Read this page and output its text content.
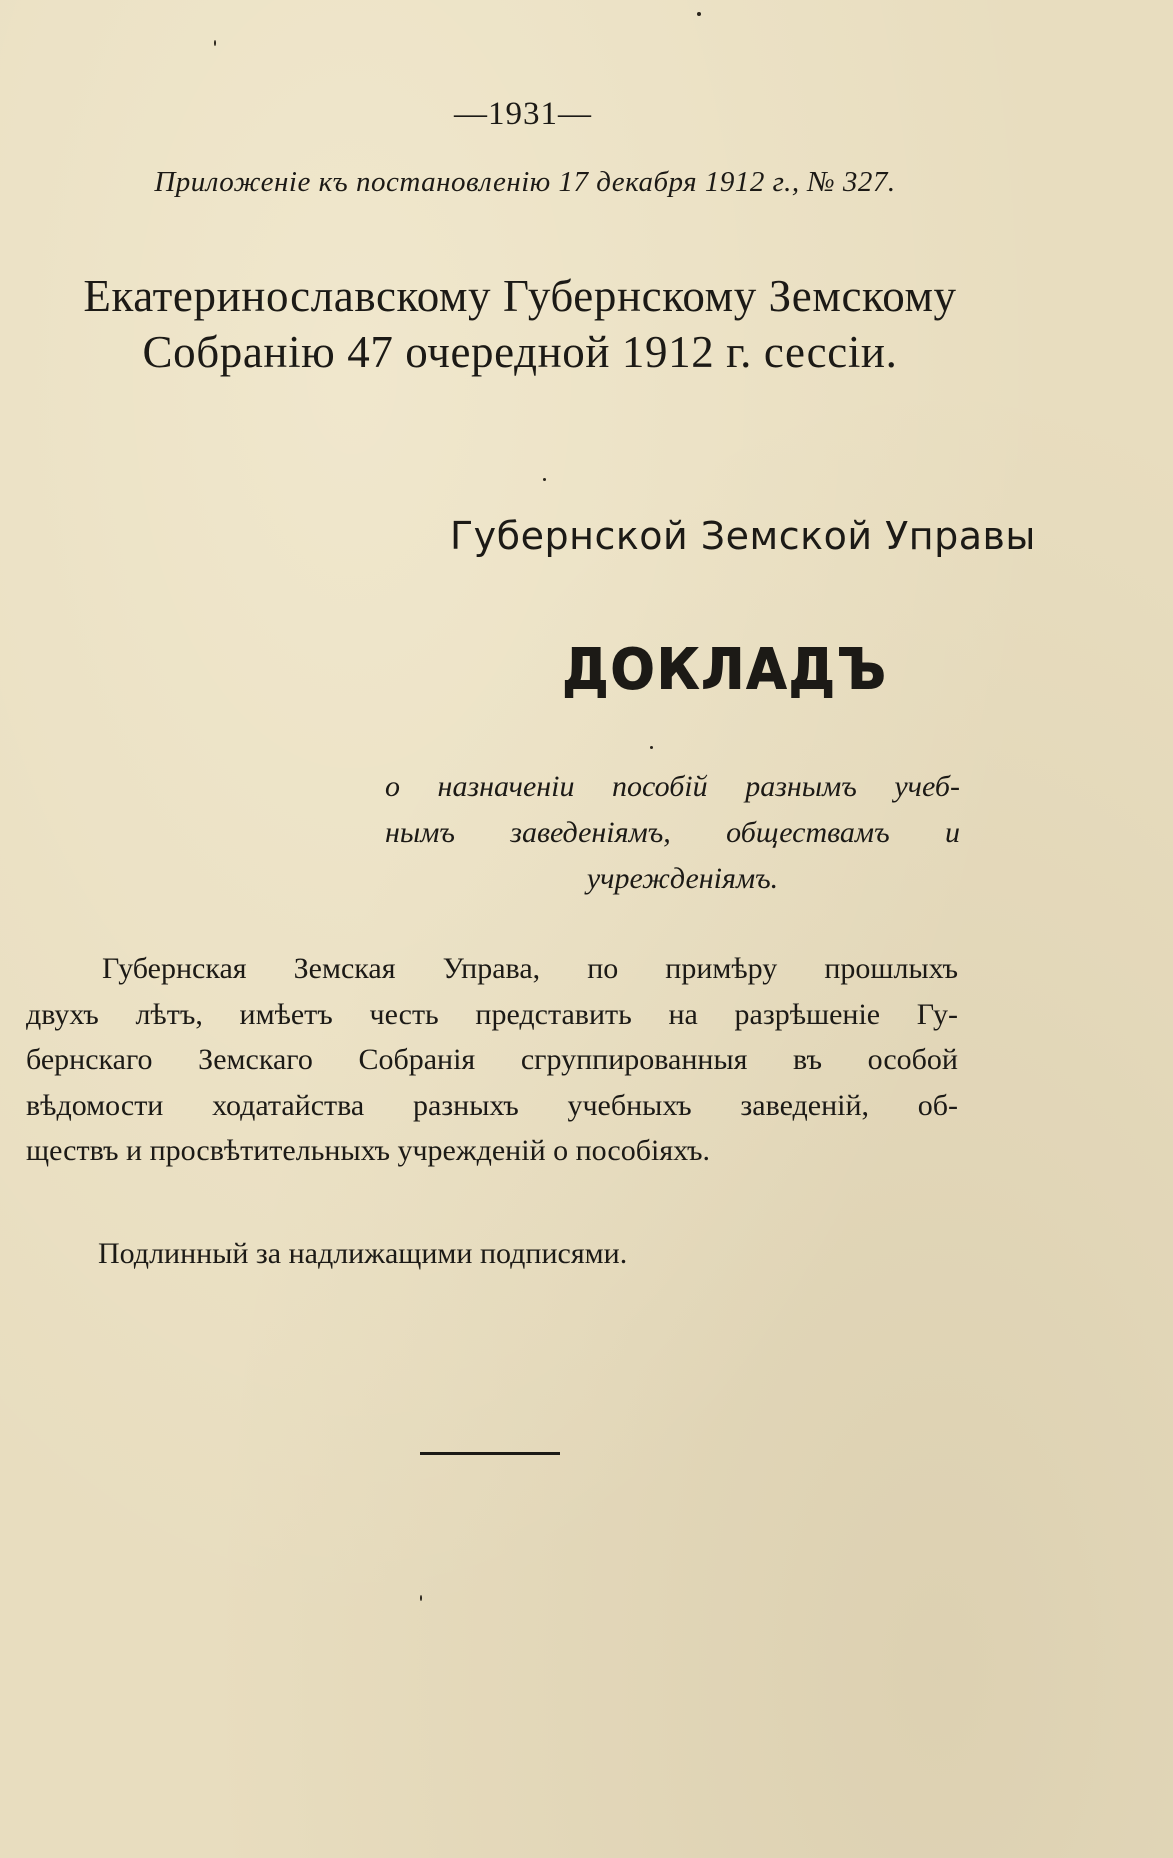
—1931—
Приложеніе къ постановленію 17 декабря 1912 г., № 327.
Екатеринославскому Губернскому Земскому
Собранію 47 очередной 1912 г. сессіи.
Губернской Земской Управы
ДОКЛАДЪ
о назначеніи пособій разнымъ учеб-
нымъ заведеніямъ, обществамъ и
учрежденіямъ.
Губернская Земская Управа, по примѣру прошлыхъ
двухъ лѣтъ, имѣетъ честь представить на разрѣшеніе Гу-
бернскаго Земскаго Собранія сгруппированныя въ особой
вѣдомости ходатайства разныхъ учебныхъ заведеній, об-
ществъ и просвѣтительныхъ учрежденій о пособіяхъ.
Подлинный за надлижащими подписями.
